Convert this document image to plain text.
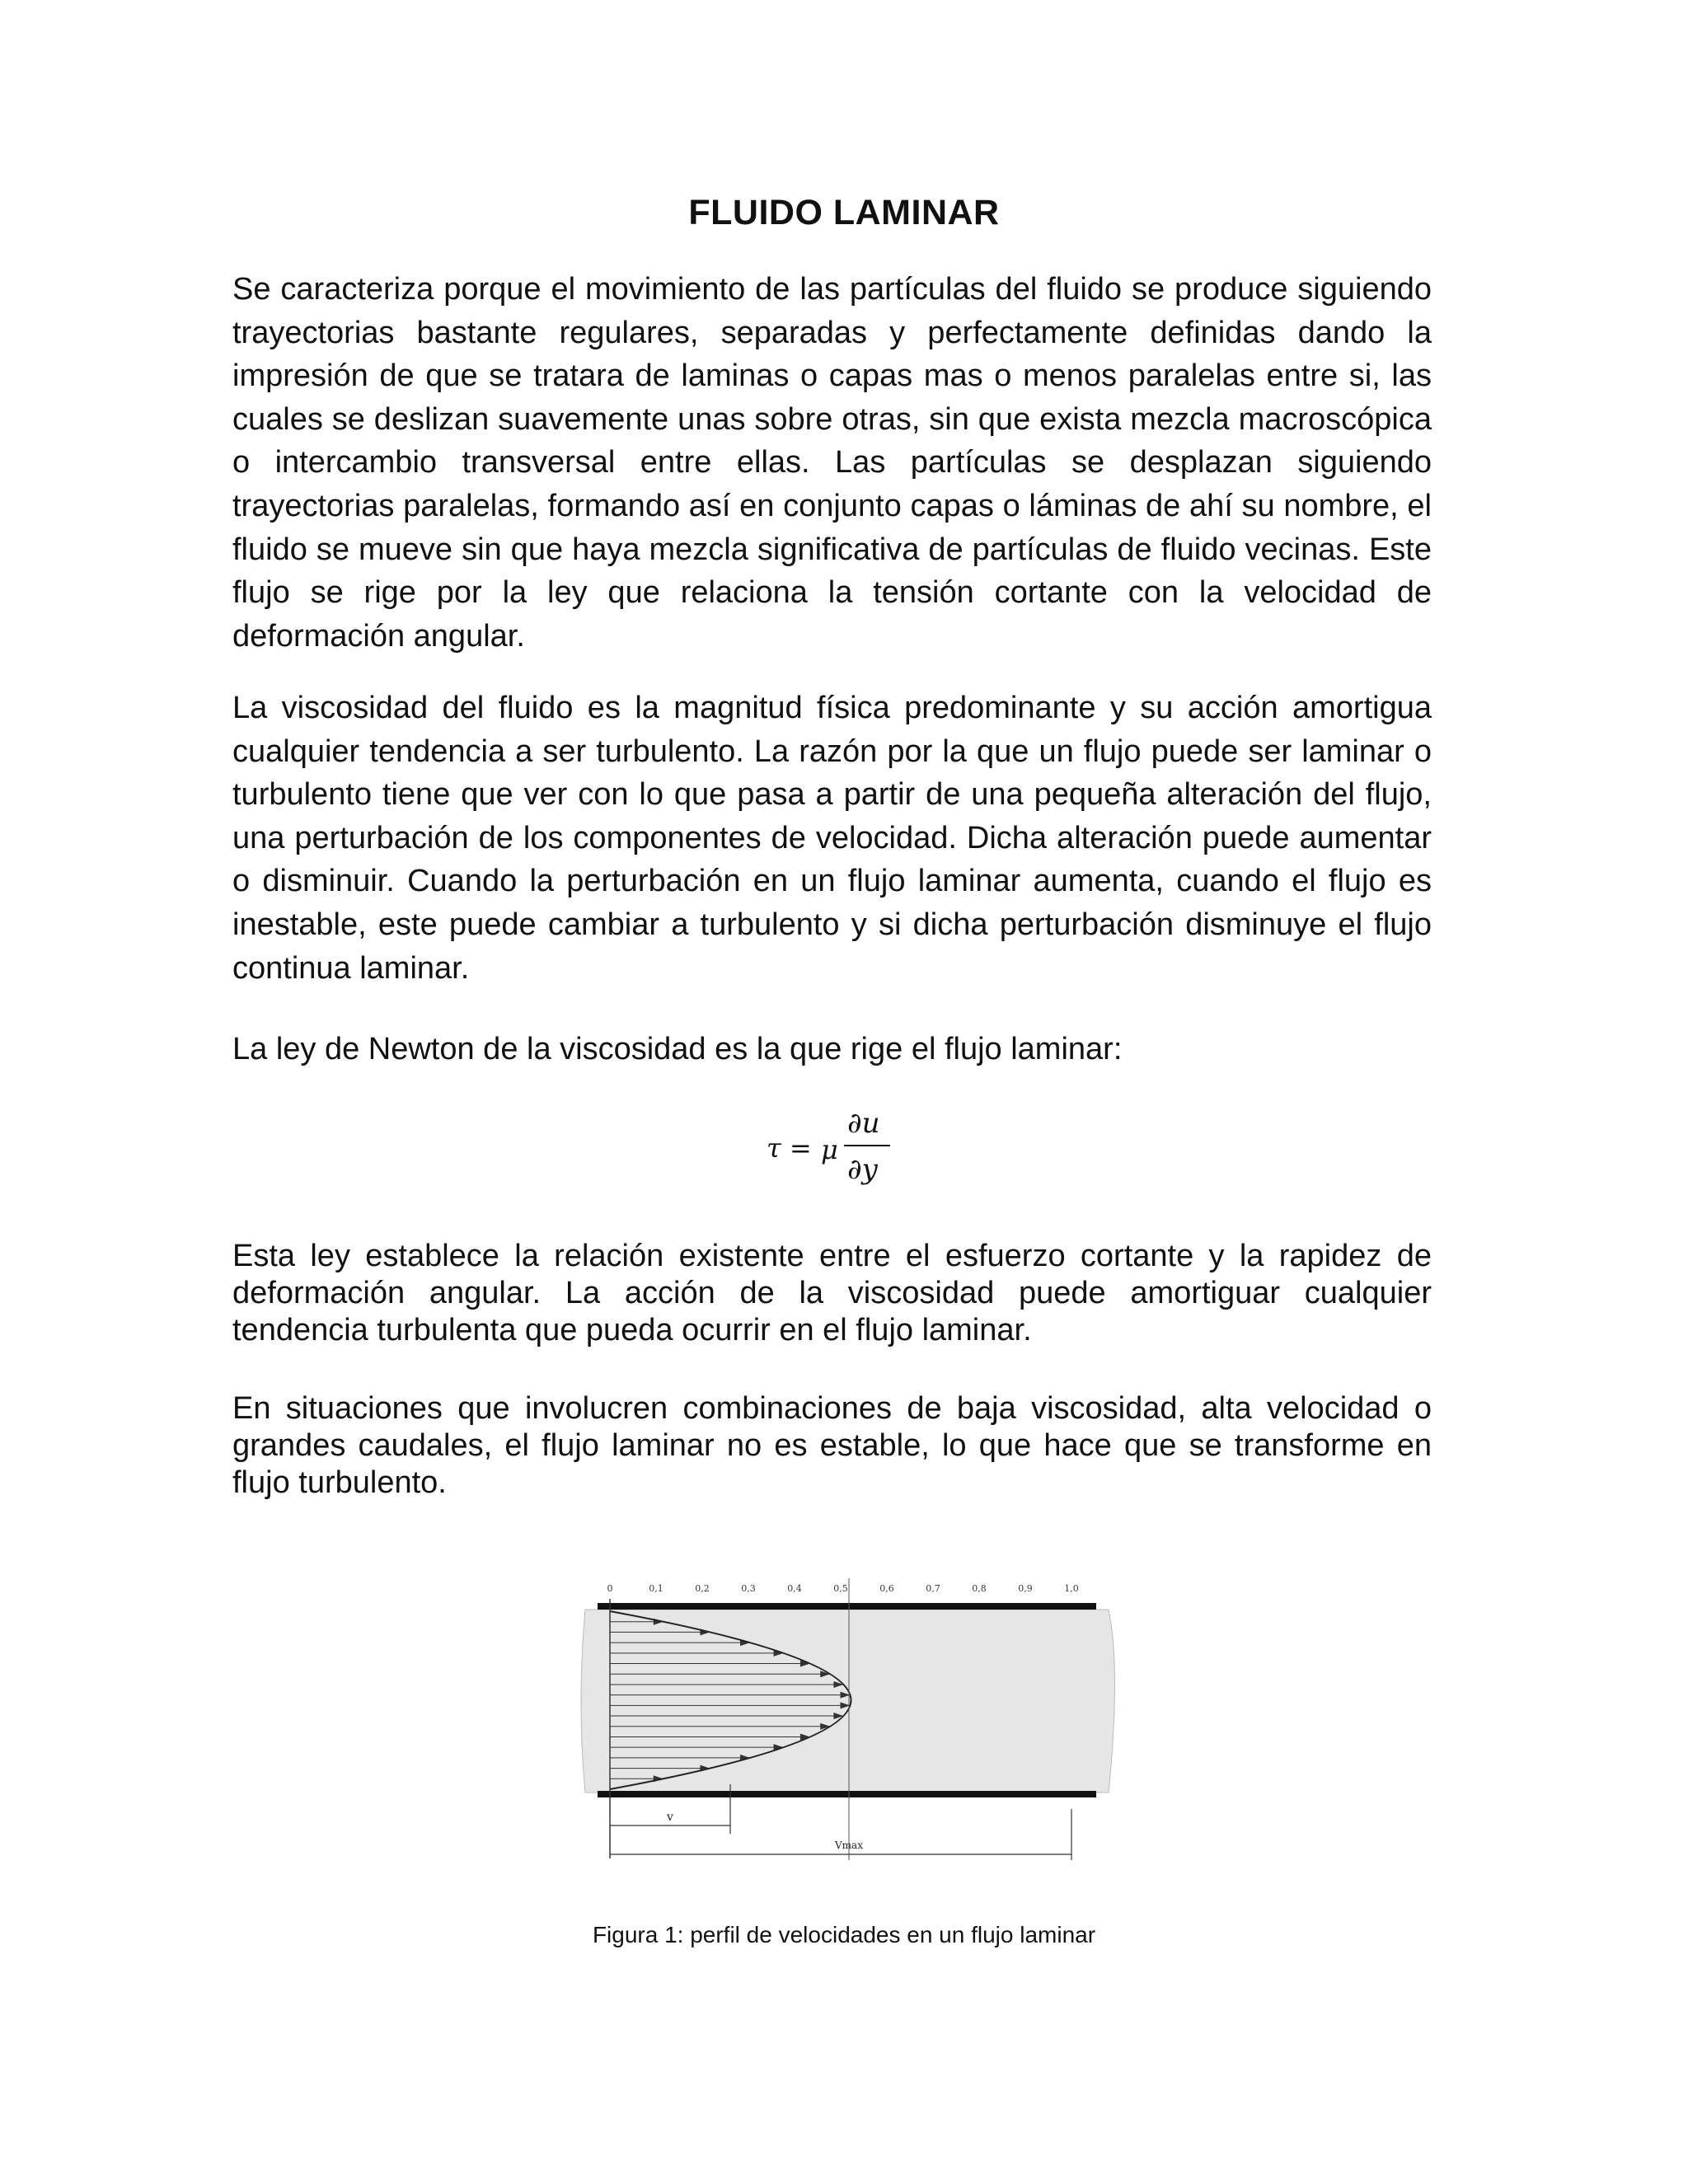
FLUIDO LAMINAR

Se caracteriza porque el movimiento de las partículas del fluido se produce siguiendo trayectorias bastante regulares, separadas y perfectamente definidas dando la impresión de que se tratara de laminas o capas mas o menos paralelas entre si, las cuales se deslizan suavemente unas sobre otras, sin que exista mezcla macroscópica o intercambio transversal entre ellas. Las partículas se desplazan siguiendo trayectorias paralelas, formando así en conjunto capas o láminas de ahí su nombre, el fluido se mueve sin que haya mezcla significativa de partículas de fluido vecinas. Este flujo se rige por la ley que relaciona la tensión cortante con la velocidad de deformación angular.

La viscosidad del fluido es la magnitud física predominante y su acción amortigua cualquier tendencia a ser turbulento. La razón por la que un flujo puede ser laminar o turbulento tiene que ver con lo que pasa a partir de una pequeña alteración del flujo, una perturbación de los componentes de velocidad. Dicha alteración puede aumentar o disminuir. Cuando la perturbación en un flujo laminar aumenta, cuando el flujo es inestable, este puede cambiar a turbulento y si dicha perturbación disminuye el flujo continua laminar.

La ley de Newton de la viscosidad es la que rige el flujo laminar:

τ = μ
∂u
∂y

Esta ley establece la relación existente entre el esfuerzo cortante y la rapidez de deformación angular. La acción de la viscosidad puede amortiguar cualquier tendencia turbulenta que pueda ocurrir en el flujo laminar.

En situaciones que involucren combinaciones de baja viscosidad, alta velocidad o grandes caudales, el flujo laminar no es estable, lo que hace que se transforme en flujo turbulento.

v
Vmax
0	0,1	0,2	0,3	0,4	0,5	0,6	0,7	0,8	0,9	1,0

Figura 1: perfil de velocidades en un flujo laminar
